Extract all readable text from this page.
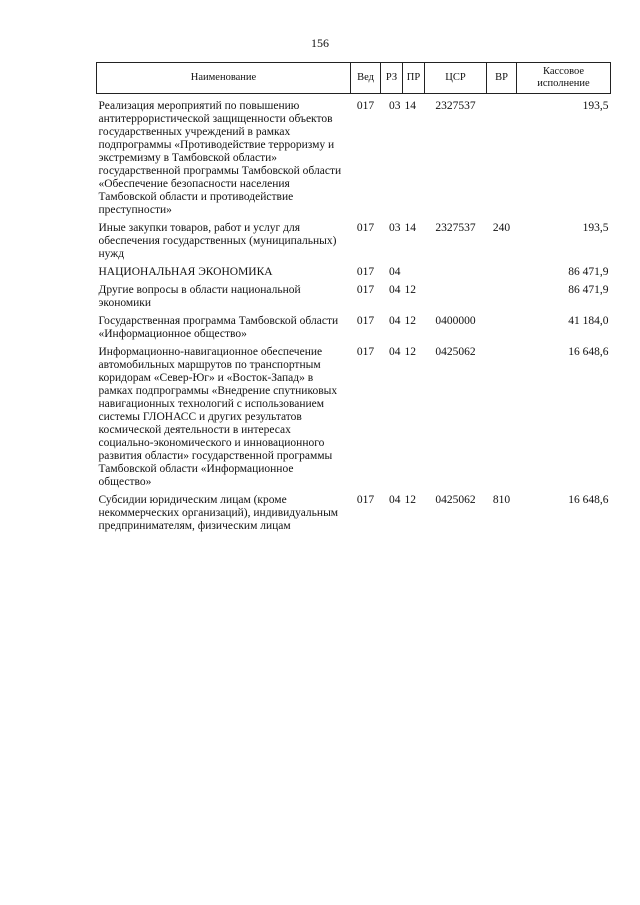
156
Наименование	Вед	РЗ	ПР	ЦСР	ВР	Кассовое исполнение
Реализация мероприятий по повышению антитеррористической защищенности объектов государственных учреждений в рамках подпрограммы «Противодействие терроризму и экстремизму в Тамбовской области» государственной программы Тамбовской области «Обеспечение безопасности населения Тамбовской области и противодействие преступности»	017	03	14	2327537		193,5
Иные закупки товаров, работ и услуг для обеспечения государственных (муниципальных) нужд	017	03	14	2327537	240	193,5
НАЦИОНАЛЬНАЯ ЭКОНОМИКА	017	04				86 471,9
Другие вопросы в области национальной экономики	017	04	12			86 471,9
Государственная программа Тамбовской области «Информационное общество»	017	04	12	0400000		41 184,0
Информационно-навигационное обеспечение автомобильных маршрутов по транспортным коридорам «Север-Юг» и «Восток-Запад» в рамках подпрограммы «Внедрение спутниковых навигационных технологий с использованием системы ГЛОНАСС и других результатов космической деятельности в интересах социально-экономического и инновационного развития области» государственной программы Тамбовской области «Информационное общество»	017	04	12	0425062		16 648,6
Субсидии юридическим лицам (кроме некоммерческих организаций), индивидуальным предпринимателям, физическим лицам	017	04	12	0425062	810	16 648,6
